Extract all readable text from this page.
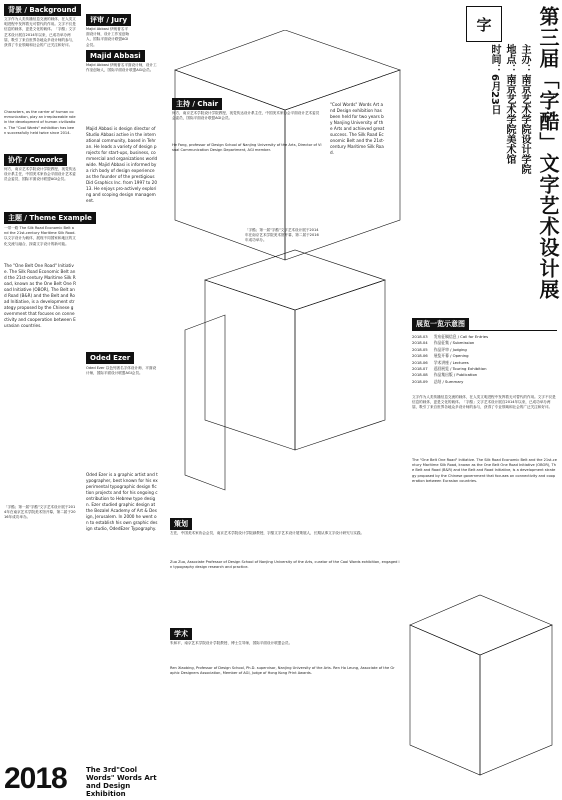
背景 / Background
文字作为人类传播信息交流的载体，在人类文明进程中发挥着无可替代的作用。文字不仅是信息的载体，更是文化的载体。「字酷」文字艺术设计展自2014年以来，已成功举办两届，吸引了来自世界各地众多设计师的参与，获得了专业领域和社会的广泛关注和好评。
Characters, as the carrier of human communication, play an irreplaceable role in the development of human civilization. The "Cool Words" exhibition has been successfully held twice since 2014.
协作 / Coworks
何方，南京艺术学院设计学院教授，视觉传达设计系主任，中国美术家协会平面设计艺术委员会委员，国际平面设计联盟AGI会员。
主题 / Theme Example
一带一路 The Silk Road Economic Belt and the 21st-century Maritime Silk Road. 以文字设计为载体，展现不同国家和地区的文化交流与融合，探索文字设计的新可能。
The "One Belt One Road" Initiative. The Silk Road Economic Belt and the 21st-century Maritime Silk Road, known as the One Belt One Road Initiative (OBOR), The Belt and Road (B&R) and the Belt and Road Initiative, is a development strategy proposed by the Chinese government that focuses on connectivity and cooperation between Eurasian countries.
「字酷」第一届"字酷"文字艺术设计展于2014年在南京艺术学院美术馆开幕，第二届于2016年成功举办。
2018	The 3rd"Cool Words" Words Art and Design Exhibition
评审 / Jury
Majid Abbasi 伊朗著名平面设计师，设计工作室创始人，国际平面设计联盟AGI会员。
Majid Abbasi
Majid Abbasi 伊朗著名平面设计师，设计工作室创始人，国际平面设计联盟AGI会员。
Majid Abbasi is design director of Studio Abbasi active in the international community, based in Tehran. He leads a variety of design projects for start-ups, business, commercial and organizations worldwide. Majid Abbasi is informed by a rich body of design experience as the founder of the prestigious Did Graphics Inc. from 1997 to 2013. He enjoys pro-actively exploring and scoping design management.
Oded Ezer
Oded Ezer 以色列著名字体设计师、平面设计师，国际平面设计联盟AGI会员。
Oded Ezer is a graphic artist and typographer, best known for his experimental typographic design fiction projects and for his ongoing contribution to Hebrew type design. Ezer studied graphic design at the Bezalel Academy of Art & Design, Jerusalem. In 2000 he went on to establish his own graphic design studio, OdedEzer Typography.
主持 / Chair
何方，南京艺术学院设计学院教授，视觉传达设计系主任，中国美术家协会平面设计艺术委员会委员，国际平面设计联盟AGI会员。
He Fang, professor of Design School of Nanjing University of the Arts, Director of Visual Communication Design Department, AGI member.
「字酷」第一届"字酷"文字艺术设计展于2014年在南京艺术学院美术馆开幕，第二届于2016年成功举办。
"Cool Words" Words Art and Design exhibition has been held for two years by Nanjing University of the Arts and achieved great success. The Silk Road Economic Belt and the 21st-century Maritime Silk Road.
策划
左佐，中国美术家协会会员，南京艺术学院设计学院副教授，字酷文字艺术设计展策展人，长期从事文字设计研究与实践。
Zuo Zuo, Associate Professor of Design School of Nanjing University of the Arts, curator of the Cool Words exhibition, engaged in typography design research and practice.
学术
朱和平，南京艺术学院设计学院教授、博士生导师，国际平面设计联盟会员。
Ren Xiaobing, Professor of Design School, Ph.D. supervisor, Nanjing University of the Arts. Ren Ho Leung, Associate of the Graphic Designers Association, Member of AGI, Judge of Hong Kong Print Awards.
字 第三届「字酷」文字艺术设计展
主办：南京艺术学院设计学院
地点：南京艺术学院美术馆
时间：6月23日
展览一览示意图
2018.03 发布征稿信息 / Call for Entries
2018.04 作品征集 / Submission
2018.05 作品评审 / Judging
2018.06 展览开幕 / Opening
2018.06 学术讲座 / Lectures
2018.07 巡回展览 / Touring Exhibition
2018.08 作品集出版 / Publication
2018.09 总结 / Summary
文字作为人类传播信息交流的载体，在人类文明进程中发挥着无可替代的作用。文字不仅是信息的载体，更是文化的载体。「字酷」文字艺术设计展自2014年以来，已成功举办两届，吸引了来自世界各地众多设计师的参与，获得了专业领域和社会的广泛关注和好评。
The "One Belt One Road" Initiative. The Silk Road Economic Belt and the 21st-century Maritime Silk Road, known as the One Belt One Road Initiative (OBOR), The Belt and Road (B&R) and the Belt and Road Initiative, is a development strategy proposed by the Chinese government that focuses on connectivity and cooperation between Eurasian countries.
